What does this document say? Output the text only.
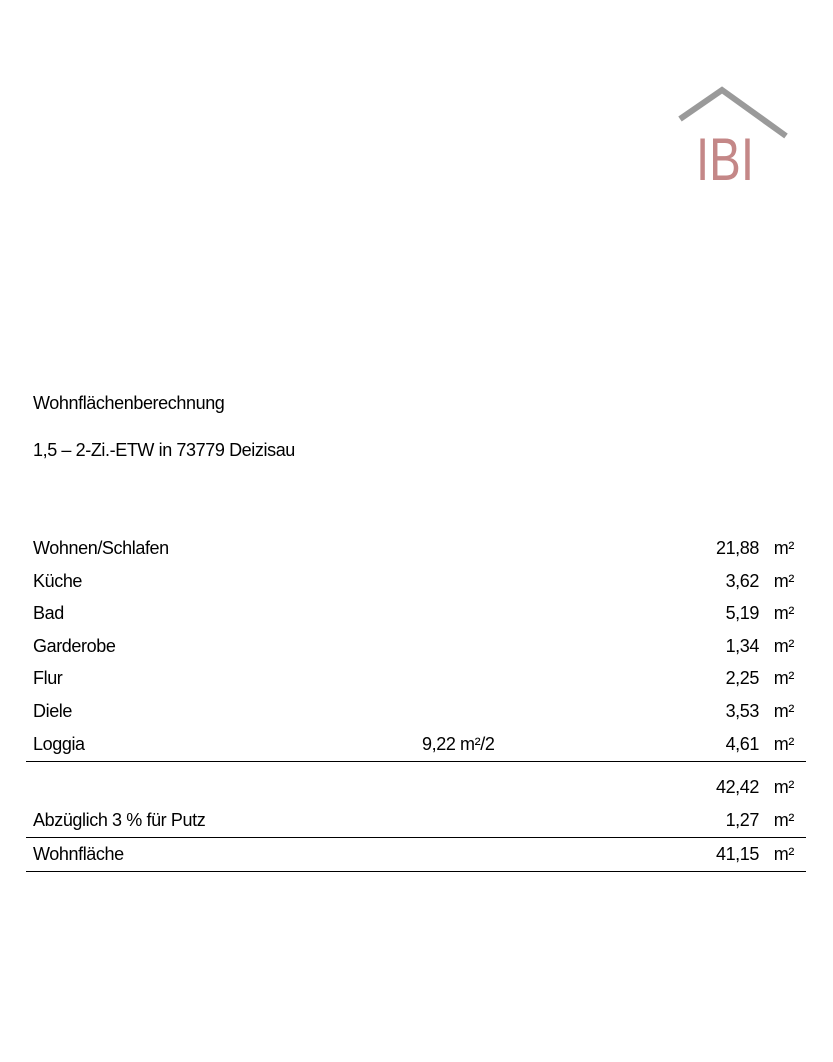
IBI
Wohnflächenberechnung
1,5 – 2-Zi.-ETW in 73779 Deizisau
Wohnen/Schlafen	21,88 m²
Küche	3,62 m²
Bad	5,19 m²
Garderobe	1,34 m²
Flur	2,25 m²
Diele	3,53 m²
Loggia	9,22 m²/2	4,61 m²
42,42 m²
Abzüglich 3 % für Putz	1,27 m²
Wohnfläche	41,15 m²
